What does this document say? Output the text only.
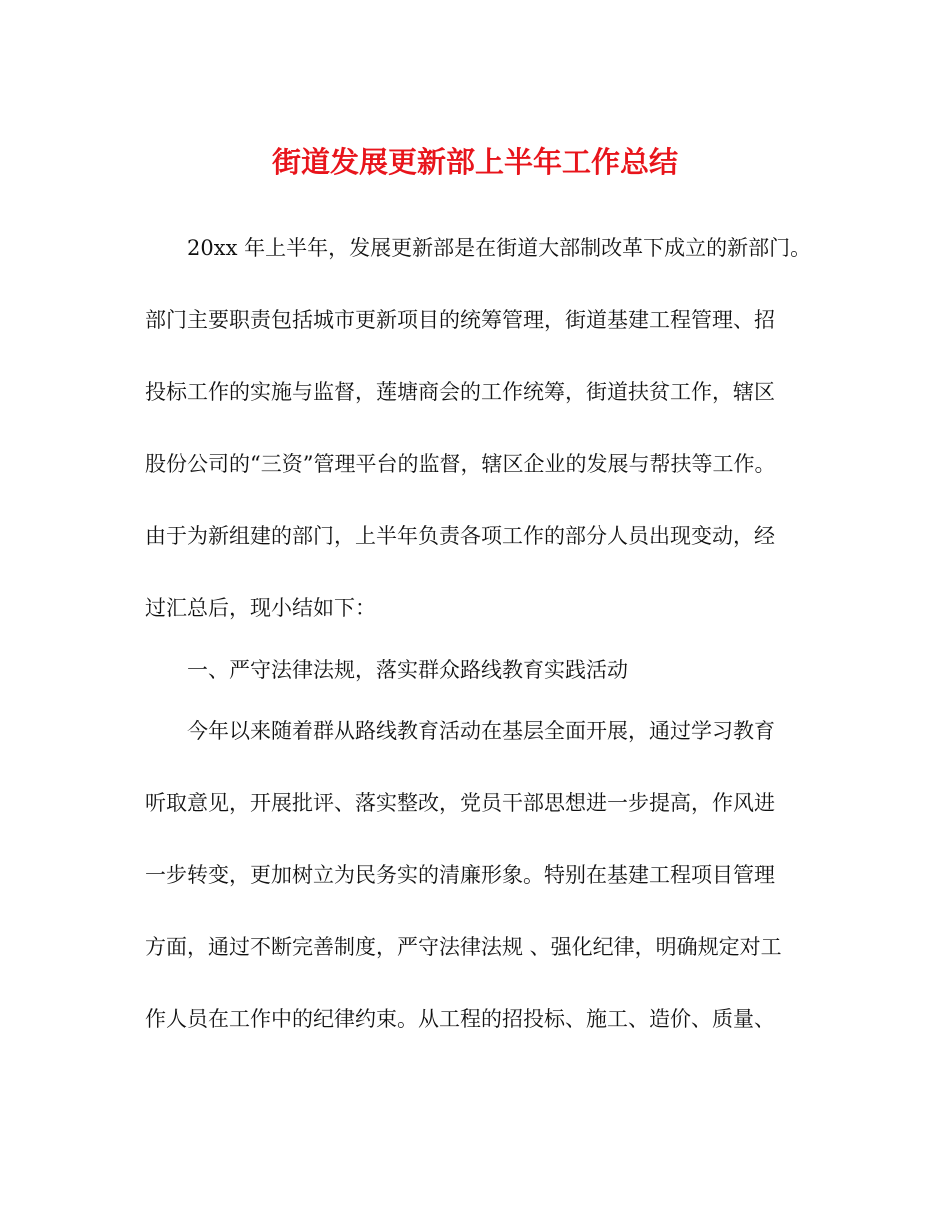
街道发展更新部上半年工作总结
20xx 年上半年，发展更新部是在街道大部制改革下成立的新部门。
部门主要职责包括城市更新项目的统筹管理，街道基建工程管理、招
投标工作的实施与监督，莲塘商会的工作统筹，街道扶贫工作，辖区
股份公司的“三资”管理平台的监督，辖区企业的发展与帮扶等工作。
由于为新组建的部门，上半年负责各项工作的部分人员出现变动，经
过汇总后，现小结如下：
一、严守法律法规，落实群众路线教育实践活动
今年以来随着群从路线教育活动在基层全面开展，通过学习教育
听取意见，开展批评、落实整改，党员干部思想进一步提高，作风进
一步转变，更加树立为民务实的清廉形象。特别在基建工程项目管理
方面，通过不断完善制度，严守法律法规 、强化纪律，明确规定对工
作人员在工作中的纪律约束。从工程的招投标、施工、造价、质量、
